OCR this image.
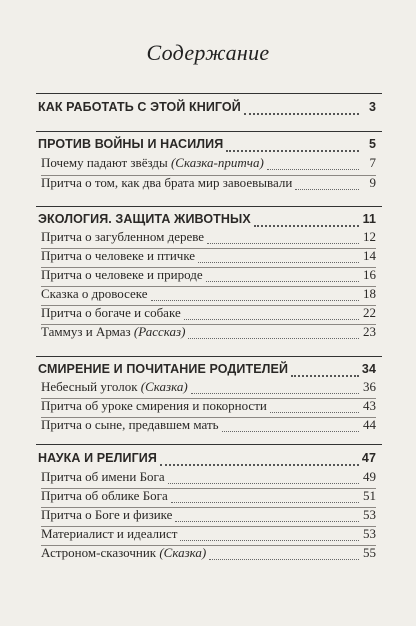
Содержание
КАК РАБОТАТЬ С ЭТОЙ КНИГОЙ	3
ПРОТИВ ВОЙНЫ И НАСИЛИЯ	5
Почему падают звёзды (Сказка-притча)	7
Притча о том, как два брата мир завоевывали	9
ЭКОЛОГИЯ. ЗАЩИТА ЖИВОТНЫХ	11
Притча о загубленном дереве	12
Притча о человеке и птичке	14
Притча о человеке и природе	16
Сказка о дровосеке	18
Притча о богаче и собаке	22
Таммуз и Армаз (Рассказ)	23
СМИРЕНИЕ И ПОЧИТАНИЕ РОДИТЕЛЕЙ	34
Небесный уголок (Сказка)	36
Притча об уроке смирения и покорности	43
Притча о сыне, предавшем мать	44
НАУКА И РЕЛИГИЯ	47
Притча об имени Бога	49
Притча об облике Бога	51
Притча о Боге и физике	53
Материалист и идеалист	53
Астроном-сказочник (Сказка)	55
